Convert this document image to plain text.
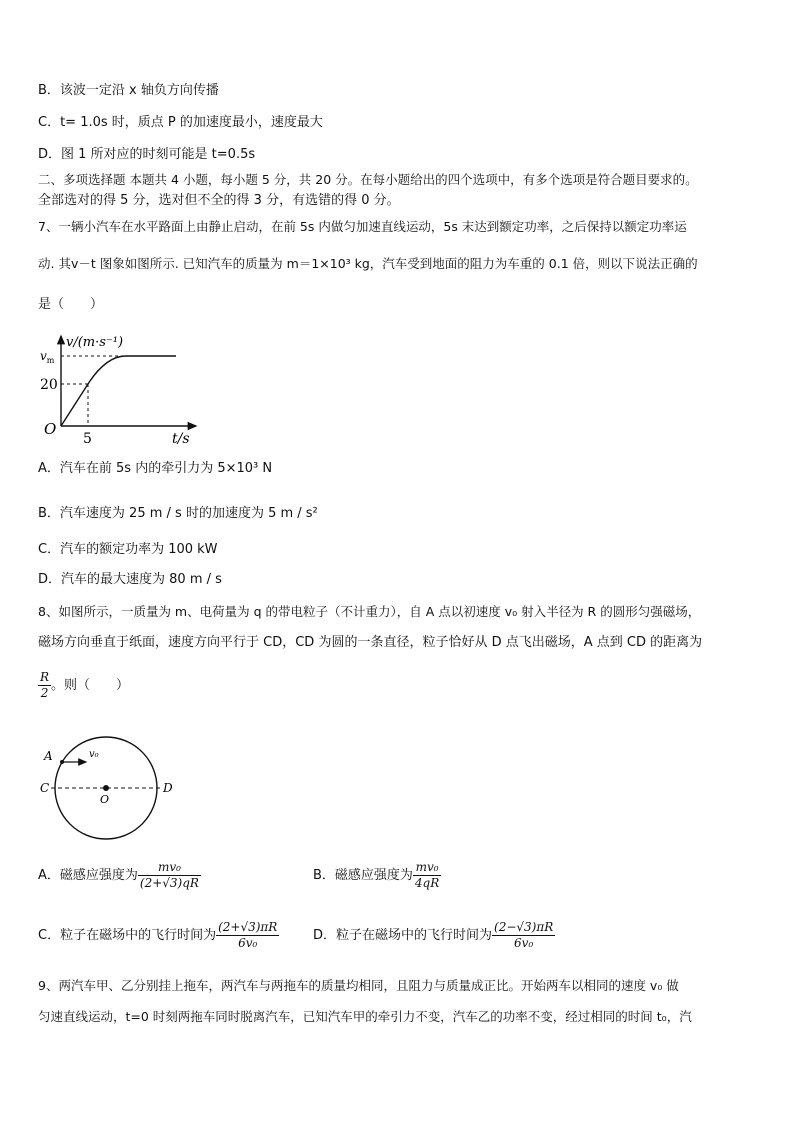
B．该波一定沿 x 轴负方向传播
C．t= 1.0s 时，质点 P 的加速度最小，速度最大
D．图 1 所对应的时刻可能是 t=0.5s
二、多项选择题 本题共 4 小题，每小题 5 分，共 20 分。在每小题给出的四个选项中，有多个选项是符合题目要求的。
全部选对的得 5 分，选对但不全的得 3 分，有选错的得 0 分。
7、一辆小汽车在水平路面上由静止启动，在前 5s 内做匀加速直线运动，5s 末达到额定功率，之后保持以额定功率运
动. 其v－t 图象如图所示. 已知汽车的质量为 m＝1×10³ kg，汽车受到地面的阻力为车重的 0.1 倍，则以下说法正确的
是（　　）
v/(m·s⁻¹)
$v_m$
20
O
5	t/s
A．汽车在前 5s 内的牵引力为 5×10³ N
B．汽车速度为 25 m / s 时的加速度为 5 m / s²
C．汽车的额定功率为 100 kW
D．汽车的最大速度为 80 m / s
8、如图所示，一质量为 m、电荷量为 q 的带电粒子（不计重力），自 A 点以初速度 v₀ 射入半径为 R 的圆形匀强磁场，
磁场方向垂直于纸面，速度方向平行于 CD，CD 为圆的一条直径，粒子恰好从 D 点飞出磁场，A 点到 CD 的距离为
$\frac{R}{2}$ 。则（　　）
A	v₀
C
O
D
A．磁感应强度为 $\frac{\text{mv₀}}{(2+√3)qR}$	B．磁感应强度为 $\frac{\text{mv₀}}{4qR}$
C．粒子在磁场中的飞行时间为 $\frac{(2+√3)\pi R}{\text{6v₀}}$	D．粒子在磁场中的飞行时间为 $\frac{(2-√3)\pi R}{\text{6v₀}}$
9、两汽车甲、乙分别挂上拖车，两汽车与两拖车的质量均相同，且阻力与质量成正比。开始两车以相同的速度 v₀ 做
匀速直线运动，t=0 时刻两拖车同时脱离汽车，已知汽车甲的牵引力不变，汽车乙的功率不变，经过相同的时间 t₀，汽
